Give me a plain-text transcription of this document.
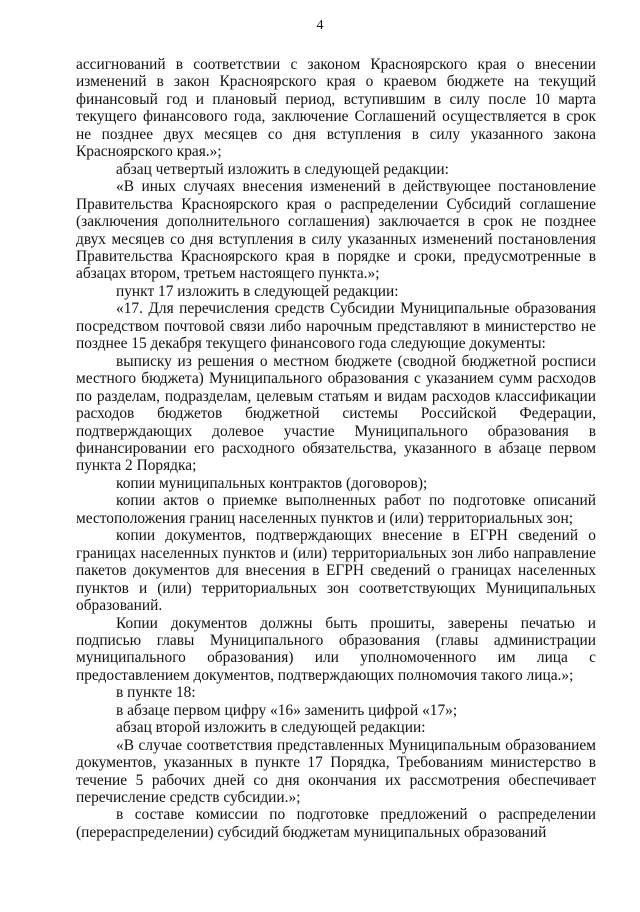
4

ассигнований в соответствии с законом Красноярского края о внесении изменений в закон Красноярского края о краевом бюджете на текущий финансовый год и плановый период, вступившим в силу после 10 марта текущего финансового года, заключение Соглашений осуществляется в срок не позднее двух месяцев со дня вступления в силу указанного закона Красноярского края.»;

абзац четвертый изложить в следующей редакции:

«В иных случаях внесения изменений в действующее постановление Правительства Красноярского края о распределении Субсидий соглашение (заключения дополнительного соглашения) заключается в срок не позднее двух месяцев со дня вступления в силу указанных изменений постановления Правительства Красноярского края в порядке и сроки, предусмотренные в абзацах втором, третьем настоящего пункта.»;

пункт 17 изложить в следующей редакции:

«17. Для перечисления средств Субсидии Муниципальные образования посредством почтовой связи либо нарочным представляют в министерство не позднее 15 декабря текущего финансового года следующие документы:

выписку из решения о местном бюджете (сводной бюджетной росписи местного бюджета) Муниципального образования с указанием сумм расходов по разделам, подразделам, целевым статьям и видам расходов классификации расходов бюджетов бюджетной системы Российской Федерации, подтверждающих долевое участие Муниципального образования в финансировании его расходного обязательства, указанного в абзаце первом пункта 2 Порядка;

копии муниципальных контрактов (договоров);

копии актов о приемке выполненных работ по подготовке описаний местоположения границ населенных пунктов и (или) территориальных зон;

копии документов, подтверждающих внесение в ЕГРН сведений о границах населенных пунктов и (или) территориальных зон либо направление пакетов документов для внесения в ЕГРН сведений о границах населенных пунктов и (или) территориальных зон соответствующих Муниципальных образований.

Копии документов должны быть прошиты, заверены печатью и подписью главы Муниципального образования (главы администрации муниципального образования) или уполномоченного им лица с предоставлением документов, подтверждающих полномочия такого лица.»;

в пункте 18:

в абзаце первом цифру «16» заменить цифрой «17»;

абзац второй изложить в следующей редакции:

«В случае соответствия представленных Муниципальным образованием документов, указанных в пункте 17 Порядка, Требованиям министерство в течение 5 рабочих дней со дня окончания их рассмотрения обеспечивает перечисление средств субсидии.»;

в составе комиссии по подготовке предложений о распределении (перераспределении) субсидий бюджетам муниципальных образований
